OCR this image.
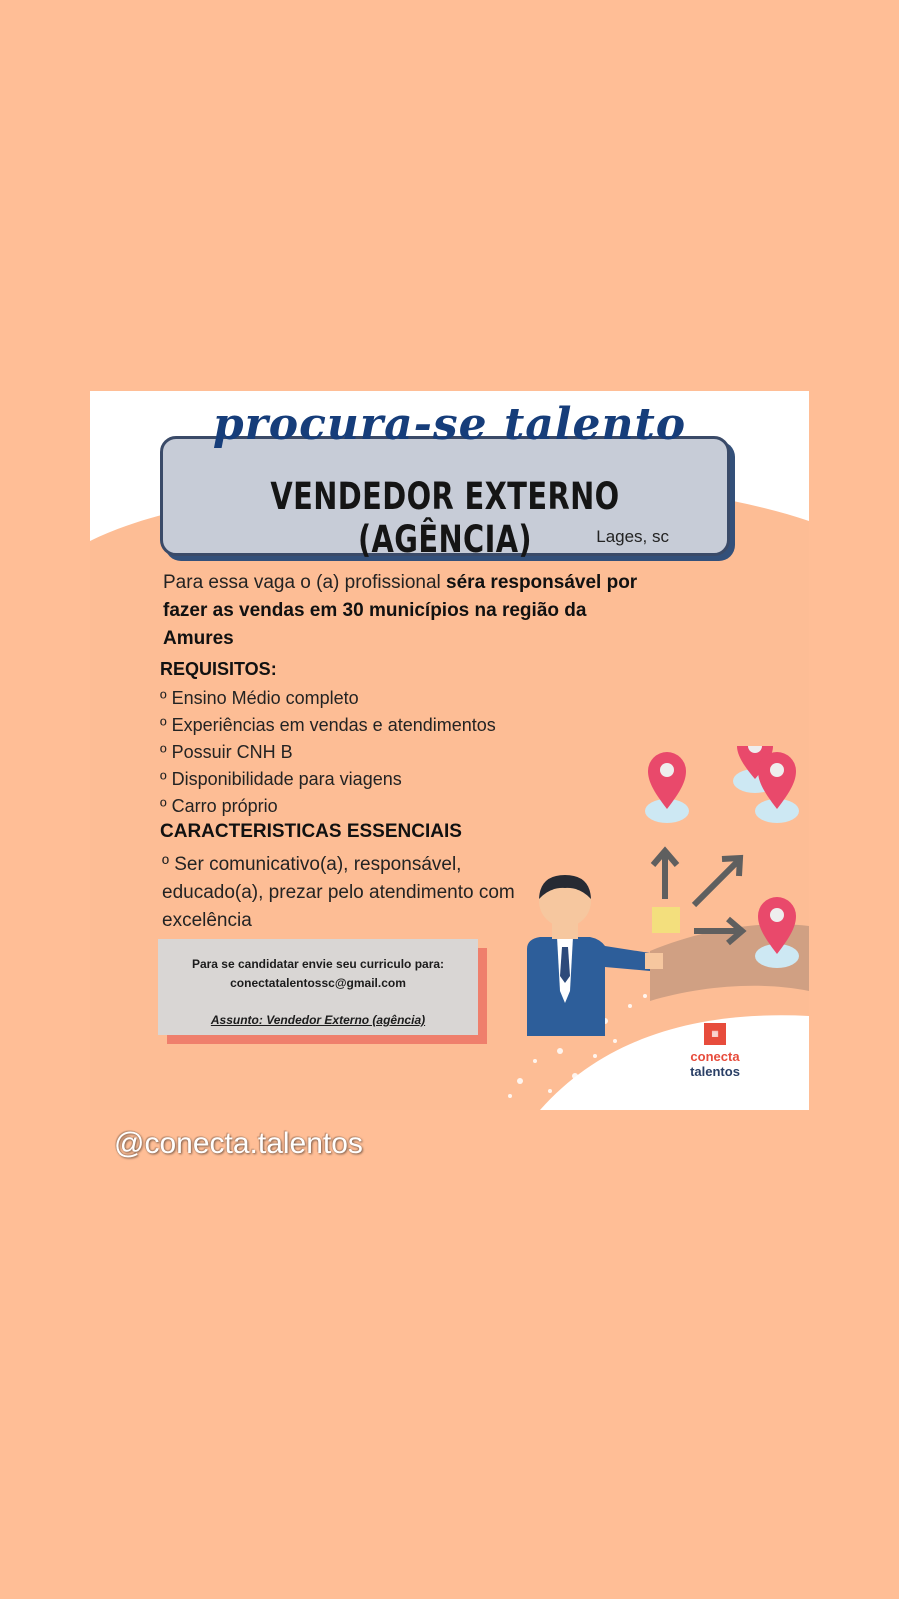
procura-se talento
VENDEDOR EXTERNO (AGÊNCIA)	Lages, sc
Para essa vaga o (a) profissional séra responsável por fazer as vendas em 30 municípios na região da Amures
REQUISITOS:
º Ensino Médio completo
º Experiências em vendas e atendimentos
º Possuir CNH B
º Disponibilidade para viagens
º Carro próprio
CARACTERISTICAS ESSENCIAIS
º Ser comunicativo(a), responsável, educado(a), prezar pelo atendimento com excelência
Para se candidatar envie seu curriculo para:
conectatalentossc@gmail.com
Assunto: Vendedor Externo (agência)
▦
conecta
talentos
@conecta.talentos
